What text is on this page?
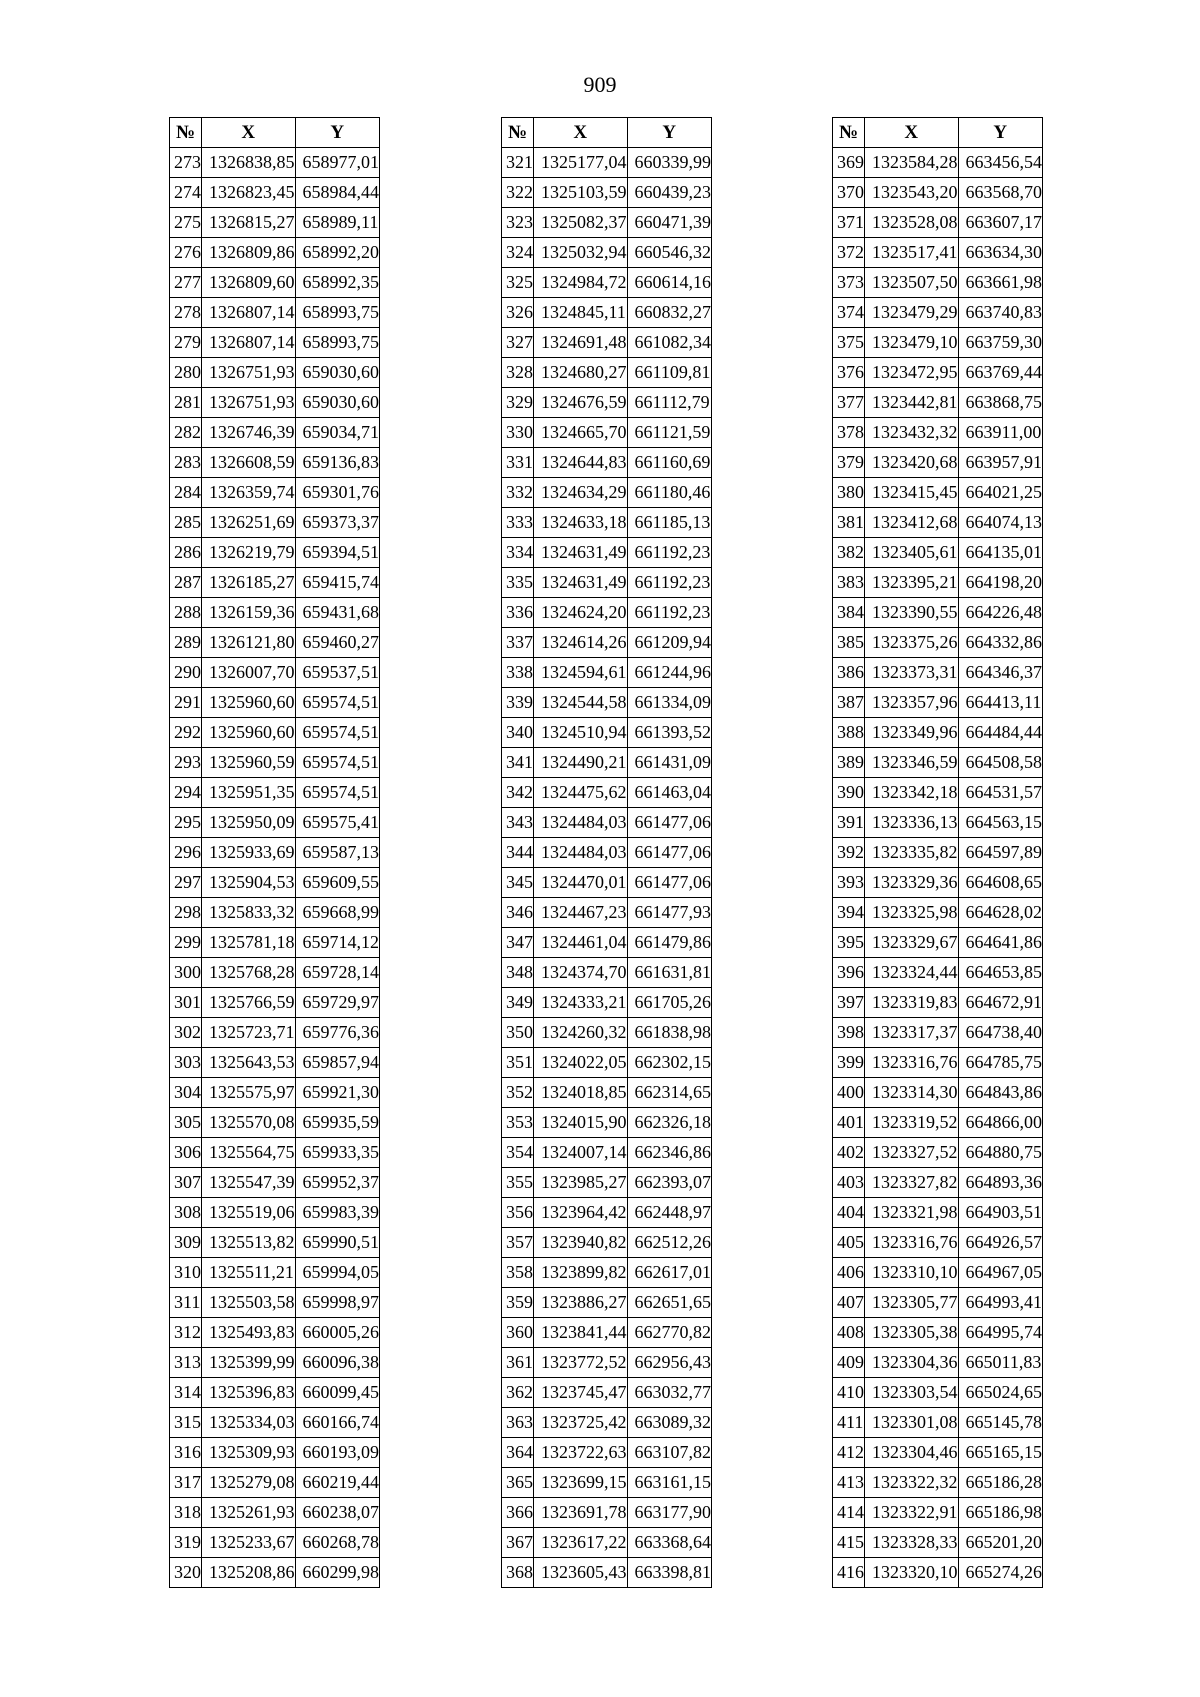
909
№	X	Y
273	1326838,85	658977,01
274	1326823,45	658984,44
275	1326815,27	658989,11
276	1326809,86	658992,20
277	1326809,60	658992,35
278	1326807,14	658993,75
279	1326807,14	658993,75
280	1326751,93	659030,60
281	1326751,93	659030,60
282	1326746,39	659034,71
283	1326608,59	659136,83
284	1326359,74	659301,76
285	1326251,69	659373,37
286	1326219,79	659394,51
287	1326185,27	659415,74
288	1326159,36	659431,68
289	1326121,80	659460,27
290	1326007,70	659537,51
291	1325960,60	659574,51
292	1325960,60	659574,51
293	1325960,59	659574,51
294	1325951,35	659574,51
295	1325950,09	659575,41
296	1325933,69	659587,13
297	1325904,53	659609,55
298	1325833,32	659668,99
299	1325781,18	659714,12
300	1325768,28	659728,14
301	1325766,59	659729,97
302	1325723,71	659776,36
303	1325643,53	659857,94
304	1325575,97	659921,30
305	1325570,08	659935,59
306	1325564,75	659933,35
307	1325547,39	659952,37
308	1325519,06	659983,39
309	1325513,82	659990,51
310	1325511,21	659994,05
311	1325503,58	659998,97
312	1325493,83	660005,26
313	1325399,99	660096,38
314	1325396,83	660099,45
315	1325334,03	660166,74
316	1325309,93	660193,09
317	1325279,08	660219,44
318	1325261,93	660238,07
319	1325233,67	660268,78
320	1325208,86	660299,98
№	X	Y
321	1325177,04	660339,99
322	1325103,59	660439,23
323	1325082,37	660471,39
324	1325032,94	660546,32
325	1324984,72	660614,16
326	1324845,11	660832,27
327	1324691,48	661082,34
328	1324680,27	661109,81
329	1324676,59	661112,79
330	1324665,70	661121,59
331	1324644,83	661160,69
332	1324634,29	661180,46
333	1324633,18	661185,13
334	1324631,49	661192,23
335	1324631,49	661192,23
336	1324624,20	661192,23
337	1324614,26	661209,94
338	1324594,61	661244,96
339	1324544,58	661334,09
340	1324510,94	661393,52
341	1324490,21	661431,09
342	1324475,62	661463,04
343	1324484,03	661477,06
344	1324484,03	661477,06
345	1324470,01	661477,06
346	1324467,23	661477,93
347	1324461,04	661479,86
348	1324374,70	661631,81
349	1324333,21	661705,26
350	1324260,32	661838,98
351	1324022,05	662302,15
352	1324018,85	662314,65
353	1324015,90	662326,18
354	1324007,14	662346,86
355	1323985,27	662393,07
356	1323964,42	662448,97
357	1323940,82	662512,26
358	1323899,82	662617,01
359	1323886,27	662651,65
360	1323841,44	662770,82
361	1323772,52	662956,43
362	1323745,47	663032,77
363	1323725,42	663089,32
364	1323722,63	663107,82
365	1323699,15	663161,15
366	1323691,78	663177,90
367	1323617,22	663368,64
368	1323605,43	663398,81
№	X	Y
369	1323584,28	663456,54
370	1323543,20	663568,70
371	1323528,08	663607,17
372	1323517,41	663634,30
373	1323507,50	663661,98
374	1323479,29	663740,83
375	1323479,10	663759,30
376	1323472,95	663769,44
377	1323442,81	663868,75
378	1323432,32	663911,00
379	1323420,68	663957,91
380	1323415,45	664021,25
381	1323412,68	664074,13
382	1323405,61	664135,01
383	1323395,21	664198,20
384	1323390,55	664226,48
385	1323375,26	664332,86
386	1323373,31	664346,37
387	1323357,96	664413,11
388	1323349,96	664484,44
389	1323346,59	664508,58
390	1323342,18	664531,57
391	1323336,13	664563,15
392	1323335,82	664597,89
393	1323329,36	664608,65
394	1323325,98	664628,02
395	1323329,67	664641,86
396	1323324,44	664653,85
397	1323319,83	664672,91
398	1323317,37	664738,40
399	1323316,76	664785,75
400	1323314,30	664843,86
401	1323319,52	664866,00
402	1323327,52	664880,75
403	1323327,82	664893,36
404	1323321,98	664903,51
405	1323316,76	664926,57
406	1323310,10	664967,05
407	1323305,77	664993,41
408	1323305,38	664995,74
409	1323304,36	665011,83
410	1323303,54	665024,65
411	1323301,08	665145,78
412	1323304,46	665165,15
413	1323322,32	665186,28
414	1323322,91	665186,98
415	1323328,33	665201,20
416	1323320,10	665274,26
